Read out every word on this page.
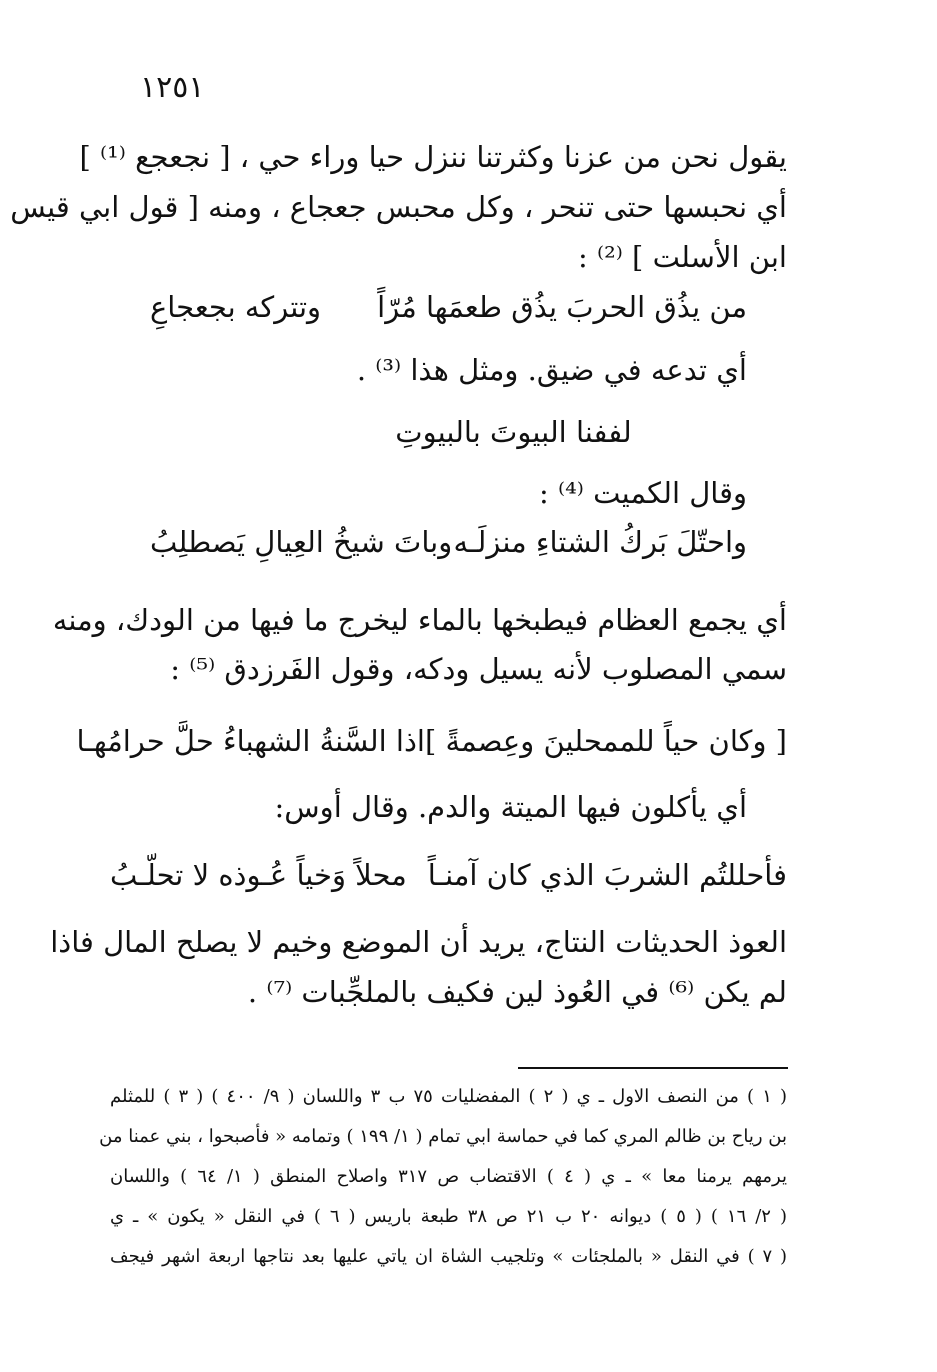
١٢٥١
يقول نحن من عزنا وكثرتنا ننزل حيا وراء حي ، [ نجعجع ⁽¹⁾ ]
أي نحبسها حتى تنحر ، وكل محبس جعجاع ، ومنه [ قول ابي قيس
ابن الأسلت ] ⁽²⁾ :
من يذُق الحربَ يذُق طعمَها مُرّاً
وتتركه بجعجاعِ
أي تدعه في ضيق. ومثل هذا ⁽³⁾ .
لففنا البيوتَ بالبيوتِ
وقال الكميت ⁽⁴⁾ :
واحتّلَ بَركُ الشتاءِ منزلَـه
وباتَ شيخُ العِيالِ يَصطلِبُ
أي يجمع العظام فيطبخها بالماء ليخرج ما فيها من الودك، ومنه
سمي المصلوب لأنه يسيل ودكه، وقول الفَرزدق ⁽⁵⁾ :
[ وكان حياً للممحلينَ وعِصمةً ]
اذا السَّنةُ الشهباءُ حلَّ حرامُهـا
أي يأكلون فيها الميتة والدم. وقال أوس:
فأحللتُم الشربَ الذي كان آمنـاً
محلاً وَخياً عُـوذه لا تحلّـبُ
العوذ الحديثات النتاج، يريد أن الموضع وخيم لا يصلح المال فاذا
لم يكن ⁽⁶⁾ في العُوذ لين فكيف بالملجِّبات ⁽⁷⁾ .
( ١ ) من النصف الاول ـ ي ( ٢ ) المفضليات ٧٥ ب ٣ واللسان ( ٩/ ٤٠٠ ) ( ٣ ) للمثلم
بن رياح بن ظالم المري كما في حماسة ابي تمام ( ١/ ١٩٩ ) وتمامه « فأصبحوا ، بني عمنا من
يرمهم يرمنا معا » ـ ي ( ٤ ) الاقتضاب ص ٣١٧ واصلاح المنطق ( ١/ ٦٤ ) واللسان
( ٢/ ١٦ ) ( ٥ ) ديوانه ٢٠ ب ٢١ ص ٣٨ طبعة باريس ( ٦ ) في النقل « يكون » ـ ي
( ٧ ) في النقل « بالملجئات » وتلجيب الشاة ان ياتي عليها بعد نتاجها اربعة اشهر فيجف
